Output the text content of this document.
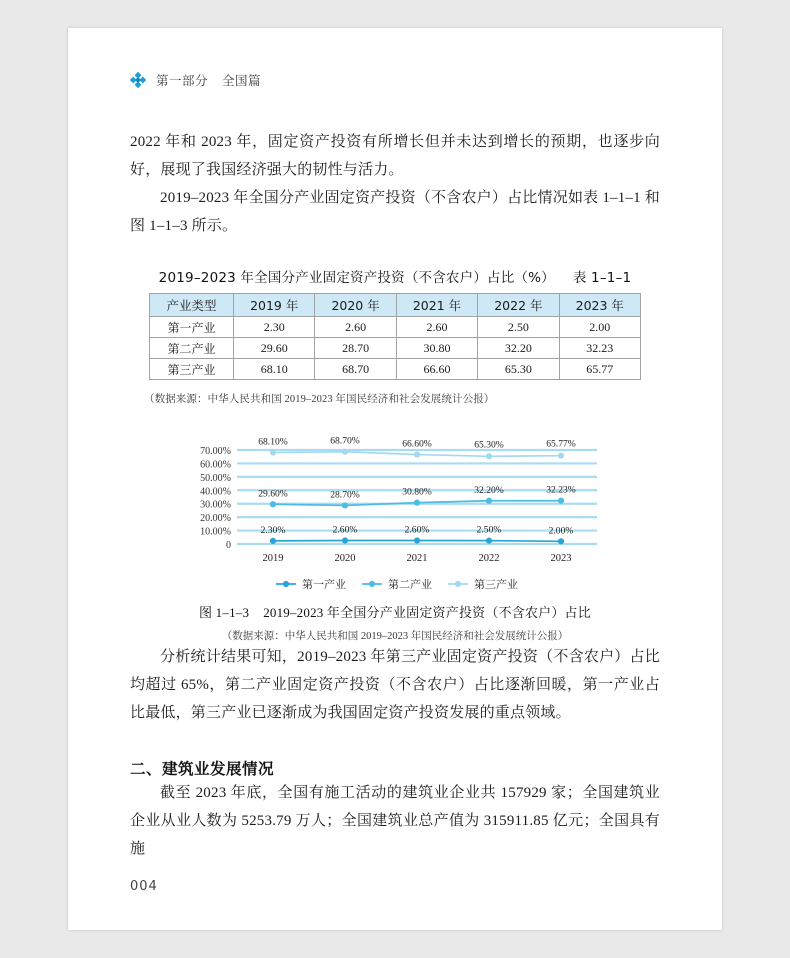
第一部分 全国篇

2022 年和 2023 年，固定资产投资有所增长但并未达到增长的预期，也逐步向好，展现了我国经济强大的韧性与活力。

2019–2023 年全国分产业固定资产投资（不含农户）占比情况如表 1–1–1 和图 1–1–3 所示。

2019–2023 年全国分产业固定资产投资（不含农户）占比（%） 表 1–1–1
产业类型	2019 年	2020 年	2021 年	2022 年	2023 年
第一产业	2.30	2.60	2.60	2.50	2.00
第二产业	29.60	28.70	30.80	32.20	32.23
第三产业	68.10	68.70	66.60	65.30	65.77
（数据来源：中华人民共和国 2019–2023 年国民经济和社会发展统计公报）
0
10.00%
20.00%
30.00%
40.00%
50.00%
60.00%
70.00%
2019	2020	2021	2022	2023
2.30%	2.60%	2.60%	2.50%	2.00%
29.60%	28.70%	30.80%	32.20%	32.23%
68.10%	68.70%	66.60%	65.30%	65.77%
第一产业	第二产业	第三产业
图 1–1–3 2019–2023 年全国分产业固定资产投资（不含农户）占比
（数据来源：中华人民共和国 2019–2023 年国民经济和社会发展统计公报）

分析统计结果可知，2019–2023 年第三产业固定资产投资（不含农户）占比均超过 65%，第二产业固定资产投资（不含农户）占比逐渐回暖，第一产业占比最低，第三产业已逐渐成为我国固定资产投资发展的重点领域。

二、建筑业发展情况

截至 2023 年底，全国有施工活动的建筑业企业共 157929 家；全国建筑业企业从业人数为 5253.79 万人；全国建筑业总产值为 315911.85 亿元；全国具有施

004
